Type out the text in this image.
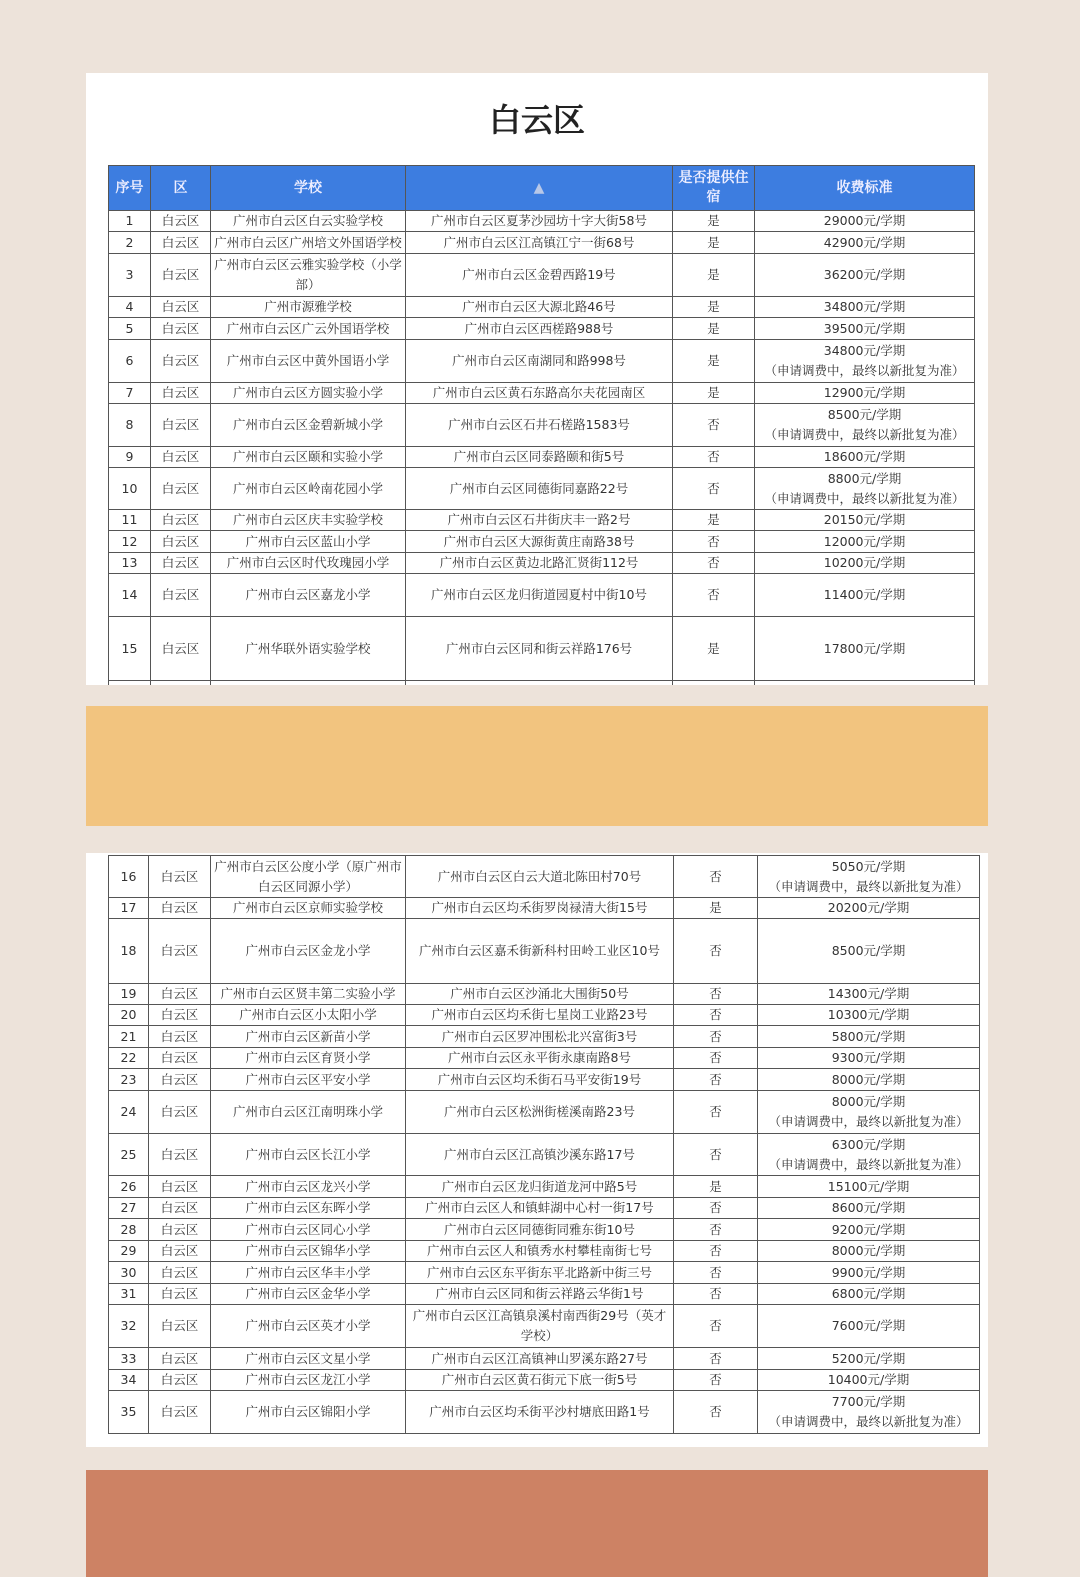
白云区
序号	区	学校	▲	是否提供住宿	收费标准
1	白云区	广州市白云区白云实验学校	广州市白云区夏茅沙园坊十字大街58号	是	29000元/学期
2	白云区	广州市白云区广州培文外国语学校	广州市白云区江高镇江宁一街68号	是	42900元/学期
3	白云区	广州市白云区云雅实验学校（小学部）	广州市白云区金碧西路19号	是	36200元/学期
4	白云区	广州市源雅学校	广州市白云区大源北路46号	是	34800元/学期
5	白云区	广州市白云区广云外国语学校	广州市白云区西槎路988号	是	39500元/学期
6	白云区	广州市白云区中黄外国语小学	广州市白云区南湖同和路998号	是	34800元/学期
（申请调费中，最终以新批复为准）
7	白云区	广州市白云区方圆实验小学	广州市白云区黄石东路高尔夫花园南区	是	12900元/学期
8	白云区	广州市白云区金碧新城小学	广州市白云区石井石槎路1583号	否	8500元/学期
（申请调费中，最终以新批复为准）
9	白云区	广州市白云区颐和实验小学	广州市白云区同泰路颐和街5号	否	18600元/学期
10	白云区	广州市白云区岭南花园小学	广州市白云区同德街同嘉路22号	否	8800元/学期
（申请调费中，最终以新批复为准）
11	白云区	广州市白云区庆丰实验学校	广州市白云区石井街庆丰一路2号	是	20150元/学期
12	白云区	广州市白云区蓝山小学	广州市白云区大源街黄庄南路38号	否	12000元/学期
13	白云区	广州市白云区时代玫瑰园小学	广州市白云区黄边北路汇贤街112号	否	10200元/学期
14	白云区	广州市白云区嘉龙小学	广州市白云区龙归街道园夏村中街10号	否	11400元/学期
15	白云区	广州华联外语实验学校	广州市白云区同和街云祥路176号	是	17800元/学期

16	白云区	广州市白云区公度小学（原广州市白云区同源小学）	广州市白云区白云大道北陈田村70号	否	5050元/学期
（申请调费中，最终以新批复为准）
17	白云区	广州市白云区京师实验学校	广州市白云区均禾街罗岗禄清大街15号	是	20200元/学期
18	白云区	广州市白云区金龙小学	广州市白云区嘉禾街新科村田岭工业区10号	否	8500元/学期
19	白云区	广州市白云区贤丰第二实验小学	广州市白云区沙涌北大围街50号	否	14300元/学期
20	白云区	广州市白云区小太阳小学	广州市白云区均禾街七星岗工业路23号	否	10300元/学期
21	白云区	广州市白云区新苗小学	广州市白云区罗冲围松北兴富街3号	否	5800元/学期
22	白云区	广州市白云区育贤小学	广州市白云区永平街永康南路8号	否	9300元/学期
23	白云区	广州市白云区平安小学	广州市白云区均禾街石马平安街19号	否	8000元/学期
24	白云区	广州市白云区江南明珠小学	广州市白云区松洲街槎溪南路23号	否	8000元/学期
（申请调费中，最终以新批复为准）
25	白云区	广州市白云区长江小学	广州市白云区江高镇沙溪东路17号	否	6300元/学期
（申请调费中，最终以新批复为准）
26	白云区	广州市白云区龙兴小学	广州市白云区龙归街道龙河中路5号	是	15100元/学期
27	白云区	广州市白云区东晖小学	广州市白云区人和镇蚌湖中心村一街17号	否	8600元/学期
28	白云区	广州市白云区同心小学	广州市白云区同德街同雅东街10号	否	9200元/学期
29	白云区	广州市白云区锦华小学	广州市白云区人和镇秀水村攀桂南街七号	否	8000元/学期
30	白云区	广州市白云区华丰小学	广州市白云区东平街东平北路新中街三号	否	9900元/学期
31	白云区	广州市白云区金华小学	广州市白云区同和街云祥路云华街1号	否	6800元/学期
32	白云区	广州市白云区英才小学	广州市白云区江高镇泉溪村南西街29号（英才学校）	否	7600元/学期
33	白云区	广州市白云区文星小学	广州市白云区江高镇神山罗溪东路27号	否	5200元/学期
34	白云区	广州市白云区龙江小学	广州市白云区黄石街元下底一街5号	否	10400元/学期
35	白云区	广州市白云区锦阳小学	广州市白云区均禾街平沙村塘底田路1号	否	7700元/学期
（申请调费中，最终以新批复为准）
